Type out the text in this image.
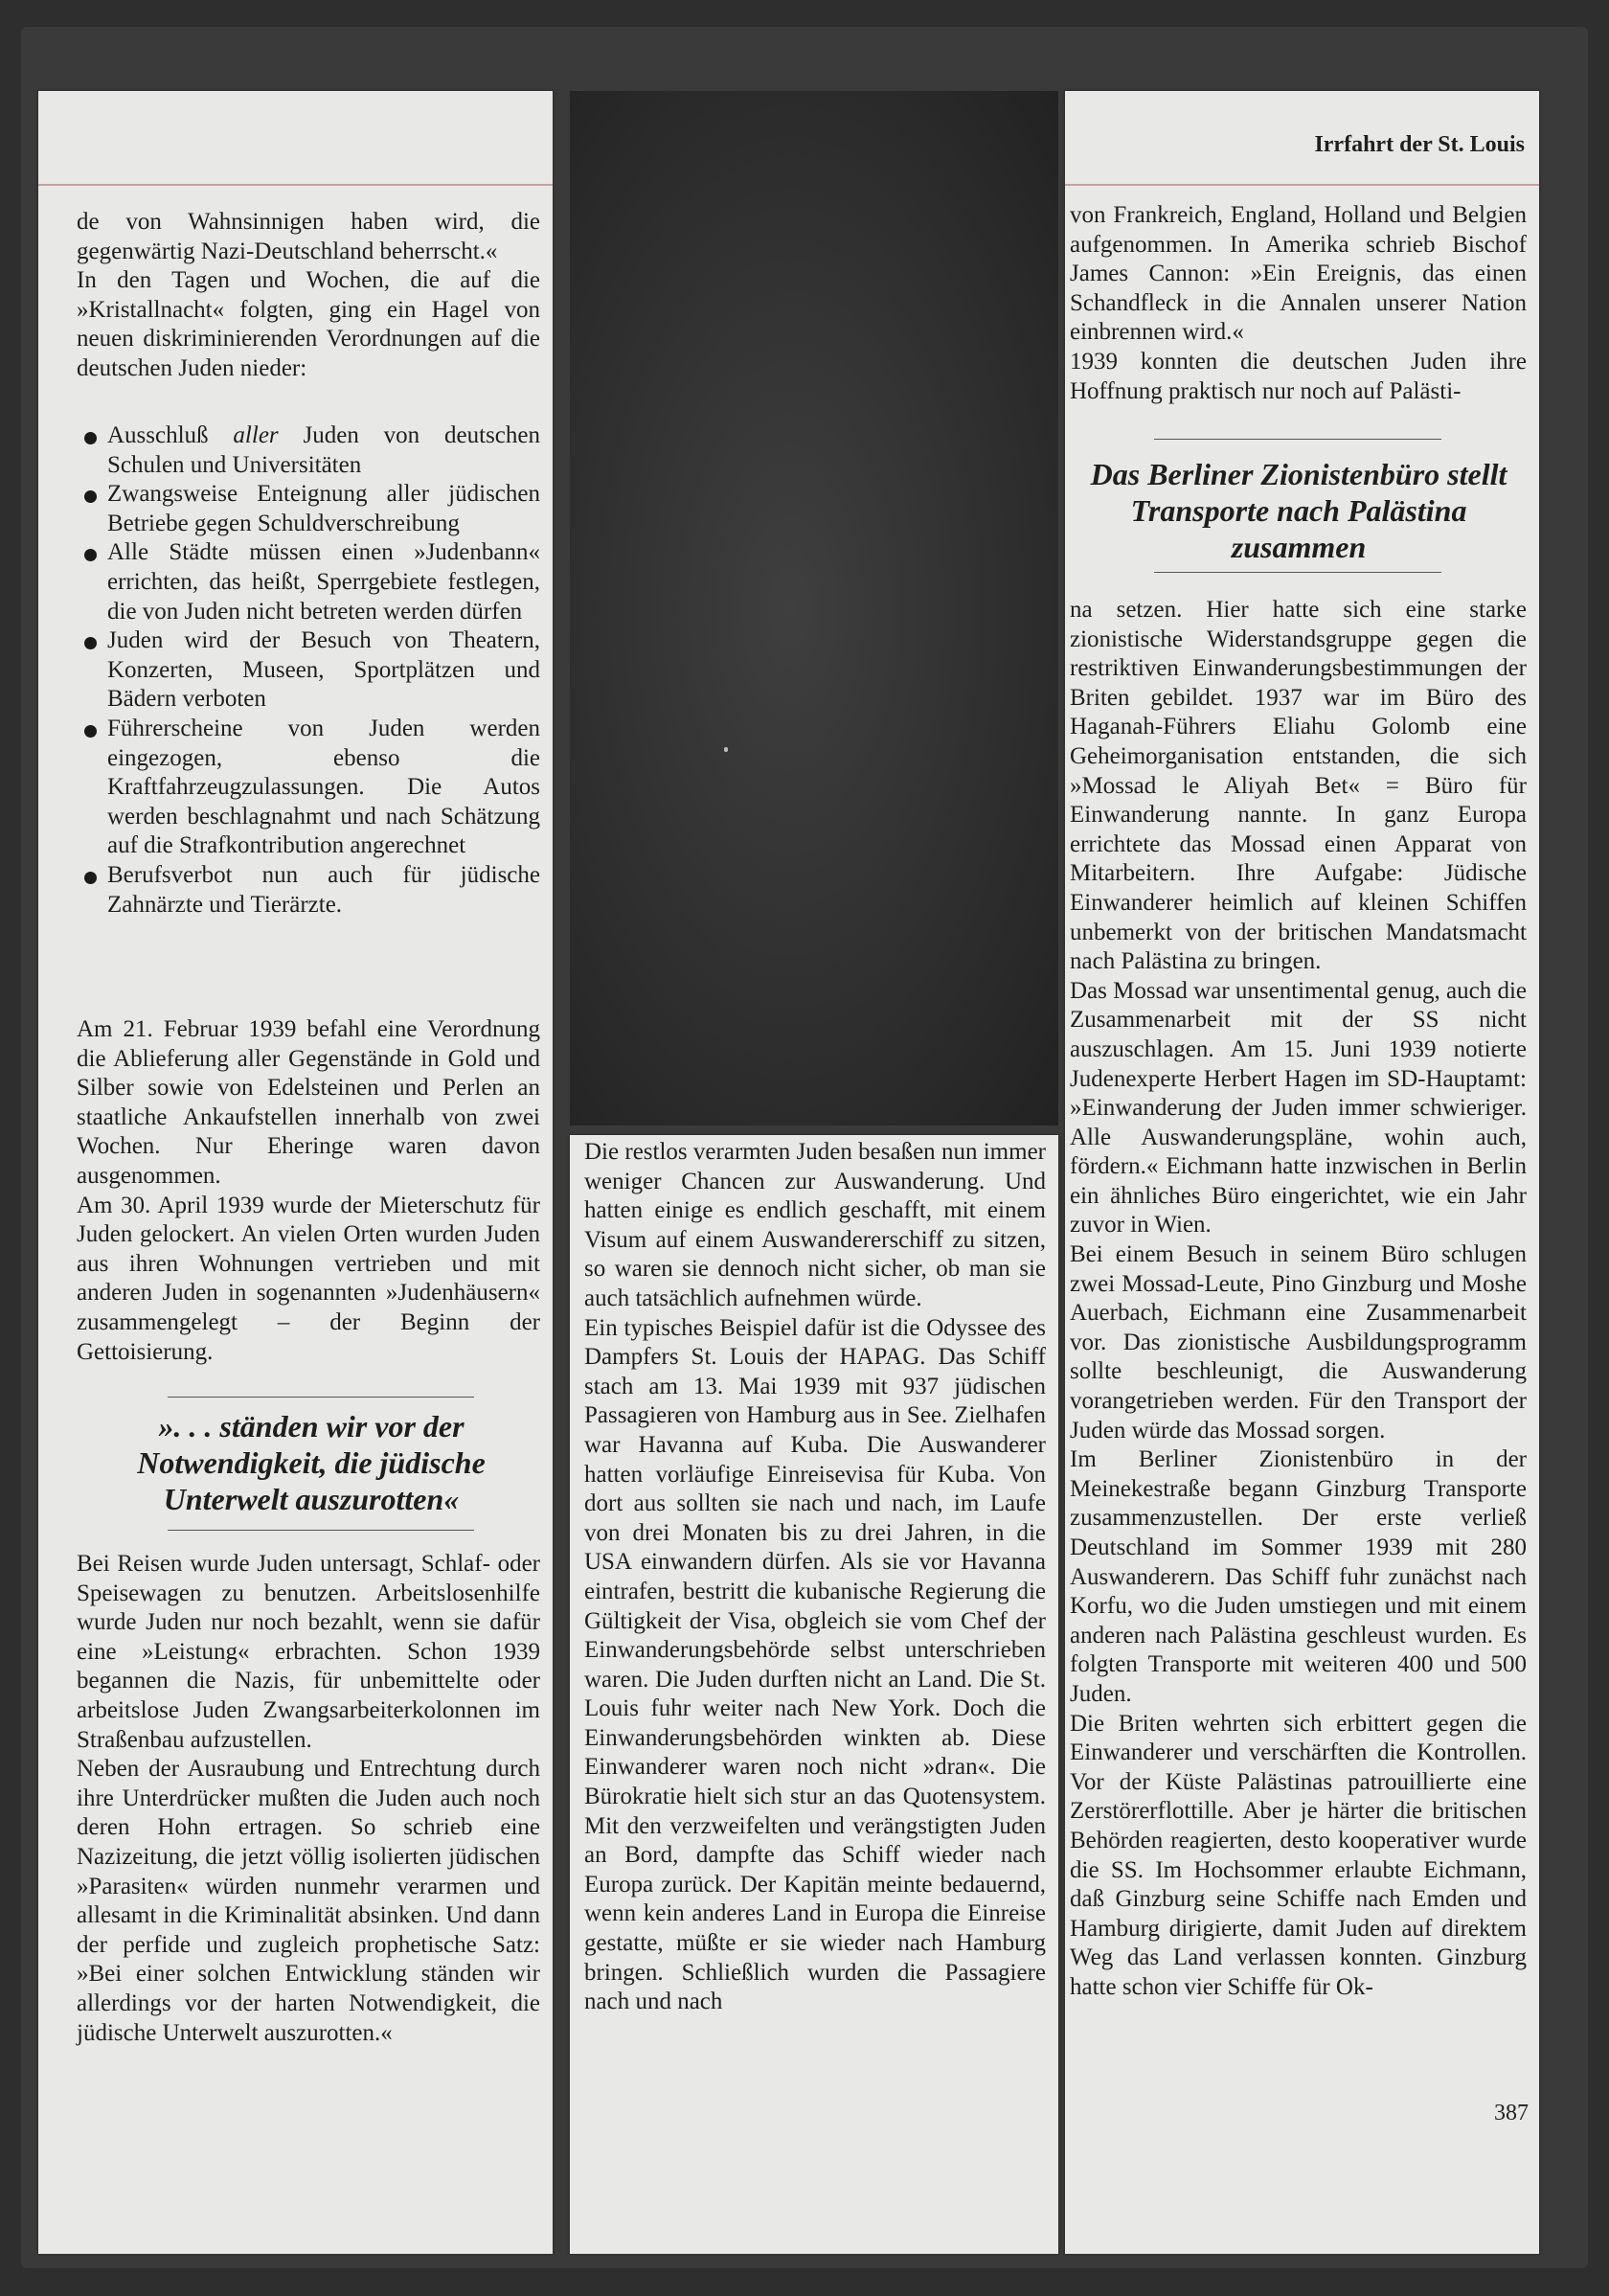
Irrfahrt der St. Louis

de von Wahnsinnigen haben wird, die gegenwärtig Nazi-Deutschland beherrscht.«
In den Tagen und Wochen, die auf die »Kristallnacht« folgten, ging ein Hagel von neuen diskriminierenden Verordnungen auf die deutschen Juden nieder:

Ausschluß aller Juden von deutschen Schulen und Universitäten
Zwangsweise Enteignung aller jüdischen Betriebe gegen Schuldverschreibung
Alle Städte müssen einen »Judenbann« errichten, das heißt, Sperrgebiete festlegen, die von Juden nicht betreten werden dürfen
Juden wird der Besuch von Theatern, Konzerten, Museen, Sportplätzen und Bädern verboten
Führerscheine von Juden werden eingezogen, ebenso die Kraftfahrzeugzulassungen. Die Autos werden beschlagnahmt und nach Schätzung auf die Strafkontribution angerechnet
Berufsverbot nun auch für jüdische Zahnärzte und Tierärzte.

Am 21. Februar 1939 befahl eine Verordnung die Ablieferung aller Gegenstände in Gold und Silber sowie von Edelsteinen und Perlen an staatliche Ankaufstellen innerhalb von zwei Wochen. Nur Eheringe waren davon ausgenommen.
Am 30. April 1939 wurde der Mieterschutz für Juden gelockert. An vielen Orten wurden Juden aus ihren Wohnungen vertrieben und mit anderen Juden in sogenannten »Judenhäusern« zusammengelegt – der Beginn der Gettoisierung.

». . . ständen wir vor der Notwendigkeit, die jüdische Unterwelt auszurotten«

Bei Reisen wurde Juden untersagt, Schlaf- oder Speisewagen zu benutzen. Arbeitslosenhilfe wurde Juden nur noch bezahlt, wenn sie dafür eine »Leistung« erbrachten. Schon 1939 begannen die Nazis, für unbemittelte oder arbeitslose Juden Zwangsarbeiterkolonnen im Straßenbau aufzustellen.
Neben der Ausraubung und Entrechtung durch ihre Unterdrücker mußten die Juden auch noch deren Hohn ertragen. So schrieb eine Nazizeitung, die jetzt völlig isolierten jüdischen »Parasiten« würden nunmehr verarmen und allesamt in die Kriminalität absinken. Und dann der perfide und zugleich prophetische Satz: »Bei einer solchen Entwicklung ständen wir allerdings vor der harten Notwendigkeit, die jüdische Unterwelt auszurotten.«

Die restlos verarmten Juden besaßen nun immer weniger Chancen zur Auswanderung. Und hatten einige es endlich geschafft, mit einem Visum auf einem Auswandererschiff zu sitzen, so waren sie dennoch nicht sicher, ob man sie auch tatsächlich aufnehmen würde.
Ein typisches Beispiel dafür ist die Odyssee des Dampfers St. Louis der HAPAG. Das Schiff stach am 13. Mai 1939 mit 937 jüdischen Passagieren von Hamburg aus in See. Zielhafen war Havanna auf Kuba. Die Auswanderer hatten vorläufige Einreisevisa für Kuba. Von dort aus sollten sie nach und nach, im Laufe von drei Monaten bis zu drei Jahren, in die USA einwandern dürfen. Als sie vor Havanna eintrafen, bestritt die kubanische Regierung die Gültigkeit der Visa, obgleich sie vom Chef der Einwanderungsbehörde selbst unterschrieben waren. Die Juden durften nicht an Land. Die St. Louis fuhr weiter nach New York. Doch die Einwanderungsbehörden winkten ab. Diese Einwanderer waren noch nicht »dran«. Die Bürokratie hielt sich stur an das Quotensystem. Mit den verzweifelten und verängstigten Juden an Bord, dampfte das Schiff wieder nach Europa zurück. Der Kapitän meinte bedauernd, wenn kein anderes Land in Europa die Einreise gestatte, müßte er sie wieder nach Hamburg bringen. Schließlich wurden die Passagiere nach und nach

von Frankreich, England, Holland und Belgien aufgenommen. In Amerika schrieb Bischof James Cannon: »Ein Ereignis, das einen Schandfleck in die Annalen unserer Nation einbrennen wird.«
1939 konnten die deutschen Juden ihre Hoffnung praktisch nur noch auf Palästi-

Das Berliner Zionistenbüro stellt Transporte nach Palästina zusammen

na setzen. Hier hatte sich eine starke zionistische Widerstandsgruppe gegen die restriktiven Einwanderungsbestimmungen der Briten gebildet. 1937 war im Büro des Haganah-Führers Eliahu Golomb eine Geheimorganisation entstanden, die sich »Mossad le Aliyah Bet« = Büro für Einwanderung nannte. In ganz Europa errichtete das Mossad einen Apparat von Mitarbeitern. Ihre Aufgabe: Jüdische Einwanderer heimlich auf kleinen Schiffen unbemerkt von der britischen Mandatsmacht nach Palästina zu bringen.
Das Mossad war unsentimental genug, auch die Zusammenarbeit mit der SS nicht auszuschlagen. Am 15. Juni 1939 notierte Judenexperte Herbert Hagen im SD-Hauptamt: »Einwanderung der Juden immer schwieriger. Alle Auswanderungspläne, wohin auch, fördern.« Eichmann hatte inzwischen in Berlin ein ähnliches Büro eingerichtet, wie ein Jahr zuvor in Wien.
Bei einem Besuch in seinem Büro schlugen zwei Mossad-Leute, Pino Ginzburg und Moshe Auerbach, Eichmann eine Zusammenarbeit vor. Das zionistische Ausbildungsprogramm sollte beschleunigt, die Auswanderung vorangetrieben werden. Für den Transport der Juden würde das Mossad sorgen.
Im Berliner Zionistenbüro in der Meinekestraße begann Ginzburg Transporte zusammenzustellen. Der erste verließ Deutschland im Sommer 1939 mit 280 Auswanderern. Das Schiff fuhr zunächst nach Korfu, wo die Juden umstiegen und mit einem anderen nach Palästina geschleust wurden. Es folgten Transporte mit weiteren 400 und 500 Juden.
Die Briten wehrten sich erbittert gegen die Einwanderer und verschärften die Kontrollen. Vor der Küste Palästinas patrouillierte eine Zerstörerflottille. Aber je härter die britischen Behörden reagierten, desto kooperativer wurde die SS. Im Hochsommer erlaubte Eichmann, daß Ginzburg seine Schiffe nach Emden und Hamburg dirigierte, damit Juden auf direktem Weg das Land verlassen konnten. Ginzburg hatte schon vier Schiffe für Ok-

387
